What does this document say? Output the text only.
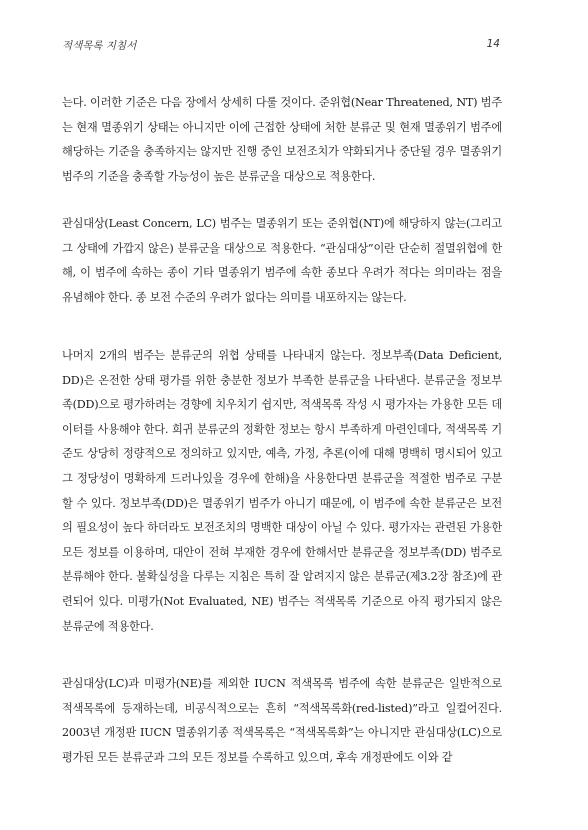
적색목록 지침서	14

는다. 이러한 기준은 다음 장에서 상세히 다룰 것이다. 준위협(Near Threatened, NT) 범주는 현재 멸종위기 상태는 아니지만 이에 근접한 상태에 처한 분류군 및 현재 멸종위기 범주에 해당하는 기준을 충족하지는 않지만 진행 중인 보전조치가 약화되거나 중단될 경우 멸종위기 범주의 기준을 충족할 가능성이 높은 분류군을 대상으로 적용한다.

관심대상(Least Concern, LC) 범주는 멸종위기 또는 준위협(NT)에 해당하지 않는(그리고 그 상태에 가깝지 않은) 분류군을 대상으로 적용한다. “관심대상”이란 단순히 절멸위협에 한해, 이 범주에 속하는 종이 기타 멸종위기 범주에 속한 종보다 우려가 적다는 의미라는 점을 유념해야 한다. 종 보전 수준의 우려가 없다는 의미를 내포하지는 않는다.

나머지 2개의 범주는 분류군의 위협 상태를 나타내지 않는다. 정보부족(Data Deficient, DD)은 온전한 상태 평가를 위한 충분한 정보가 부족한 분류군을 나타낸다. 분류군을 정보부족(DD)으로 평가하려는 경향에 치우치기 쉽지만, 적색목록 작성 시 평가자는 가용한 모든 데이터를 사용해야 한다. 희귀 분류군의 정확한 정보는 항시 부족하게 마련인데다, 적색목록 기준도 상당히 정량적으로 정의하고 있지만, 예측, 가정, 추론(이에 대해 명백히 명시되어 있고 그 정당성이 명확하게 드러나있을 경우에 한해)을 사용한다면 분류군을 적절한 범주로 구분할 수 있다. 정보부족(DD)은 멸종위기 범주가 아니기 때문에, 이 범주에 속한 분류군은 보전의 필요성이 높다 하더라도 보전조치의 명백한 대상이 아닐 수 있다. 평가자는 관련된 가용한 모든 정보를 이용하며, 대안이 전혀 부재한 경우에 한해서만 분류군을 정보부족(DD) 범주로 분류해야 한다. 불확실성을 다루는 지침은 특히 잘 알려지지 않은 분류군(제3.2장 참조)에 관련되어 있다. 미평가(Not Evaluated, NE) 범주는 적색목록 기준으로 아직 평가되지 않은 분류군에 적용한다.

관심대상(LC)과 미평가(NE)를 제외한 IUCN 적색목록 범주에 속한 분류군은 일반적으로 적색목록에 등재하는데, 비공식적으로는 흔히 “적색목록화(red-listed)”라고 일컬어진다. 2003년 개정판 IUCN 멸종위기종 적색목록은 “적색목록화”는 아니지만 관심대상(LC)으로 평가된 모든 분류군과 그의 모든 정보를 수록하고 있으며, 후속 개정판에도 이와 같
